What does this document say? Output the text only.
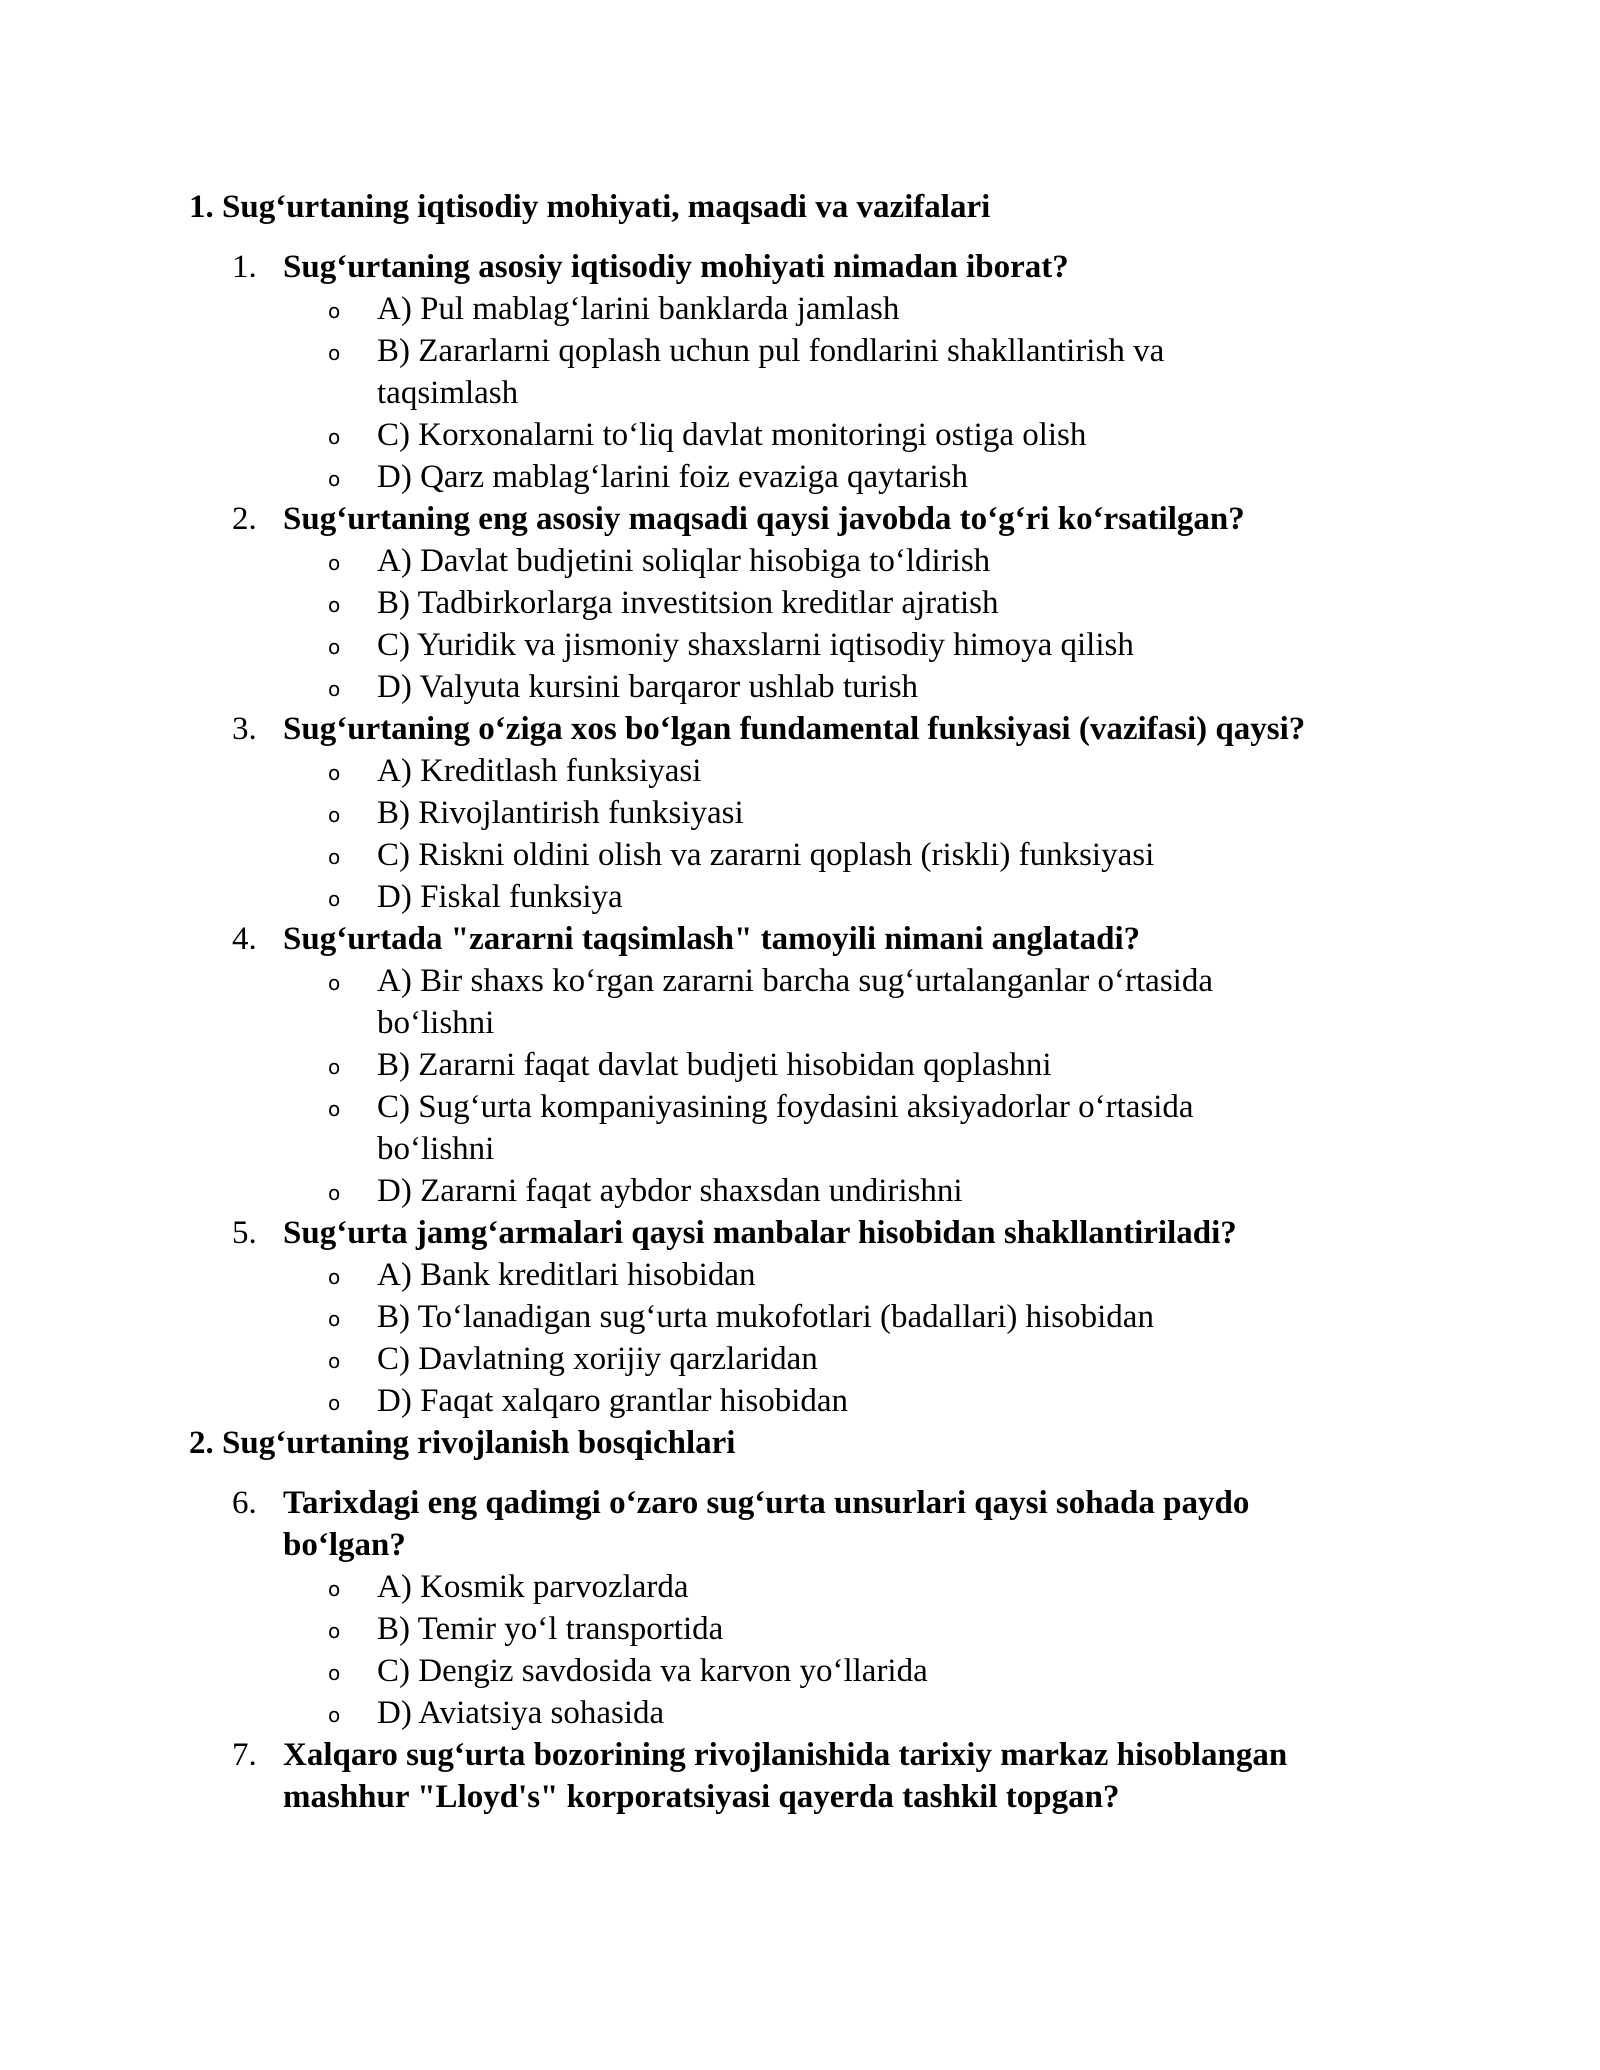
1. Sug‘urtaning iqtisodiy mohiyati, maqsadi va vazifalari
1. Sug‘urtaning asosiy iqtisodiy mohiyati nimadan iborat?
o A) Pul mablag‘larini banklarda jamlash
o B) Zararlarni qoplash uchun pul fondlarini shakllantirish va taqsimlash
o C) Korxonalarni to‘liq davlat monitoringi ostiga olish
o D) Qarz mablag‘larini foiz evaziga qaytarish
2. Sug‘urtaning eng asosiy maqsadi qaysi javobda to‘g‘ri ko‘rsatilgan?
o A) Davlat budjetini soliqlar hisobiga to‘ldirish
o B) Tadbirkorlarga investitsion kreditlar ajratish
o C) Yuridik va jismoniy shaxslarni iqtisodiy himoya qilish
o D) Valyuta kursini barqaror ushlab turish
3. Sug‘urtaning o‘ziga xos bo‘lgan fundamental funksiyasi (vazifasi) qaysi?
o A) Kreditlash funksiyasi
o B) Rivojlantirish funksiyasi
o C) Riskni oldini olish va zararni qoplash (riskli) funksiyasi
o D) Fiskal funksiya
4. Sug‘urtada "zararni taqsimlash" tamoyili nimani anglatadi?
o A) Bir shaxs ko‘rgan zararni barcha sug‘urtalanganlar o‘rtasida bo‘lishni
o B) Zararni faqat davlat budjeti hisobidan qoplashni
o C) Sug‘urta kompaniyasining foydasini aksiyadorlar o‘rtasida bo‘lishni
o D) Zararni faqat aybdor shaxsdan undirishni
5. Sug‘urta jamg‘armalari qaysi manbalar hisobidan shakllantiriladi?
o A) Bank kreditlari hisobidan
o B) To‘lanadigan sug‘urta mukofotlari (badallari) hisobidan
o C) Davlatning xorijiy qarzlaridan
o D) Faqat xalqaro grantlar hisobidan
2. Sug‘urtaning rivojlanish bosqichlari
6. Tarixdagi eng qadimgi o‘zaro sug‘urta unsurlari qaysi sohada paydo bo‘lgan?
o A) Kosmik parvozlarda
o B) Temir yo‘l transportida
o C) Dengiz savdosida va karvon yo‘llarida
o D) Aviatsiya sohasida
7. Xalqaro sug‘urta bozorining rivojlanishida tarixiy markaz hisoblangan mashhur "Lloyd's" korporatsiyasi qayerda tashkil topgan?
